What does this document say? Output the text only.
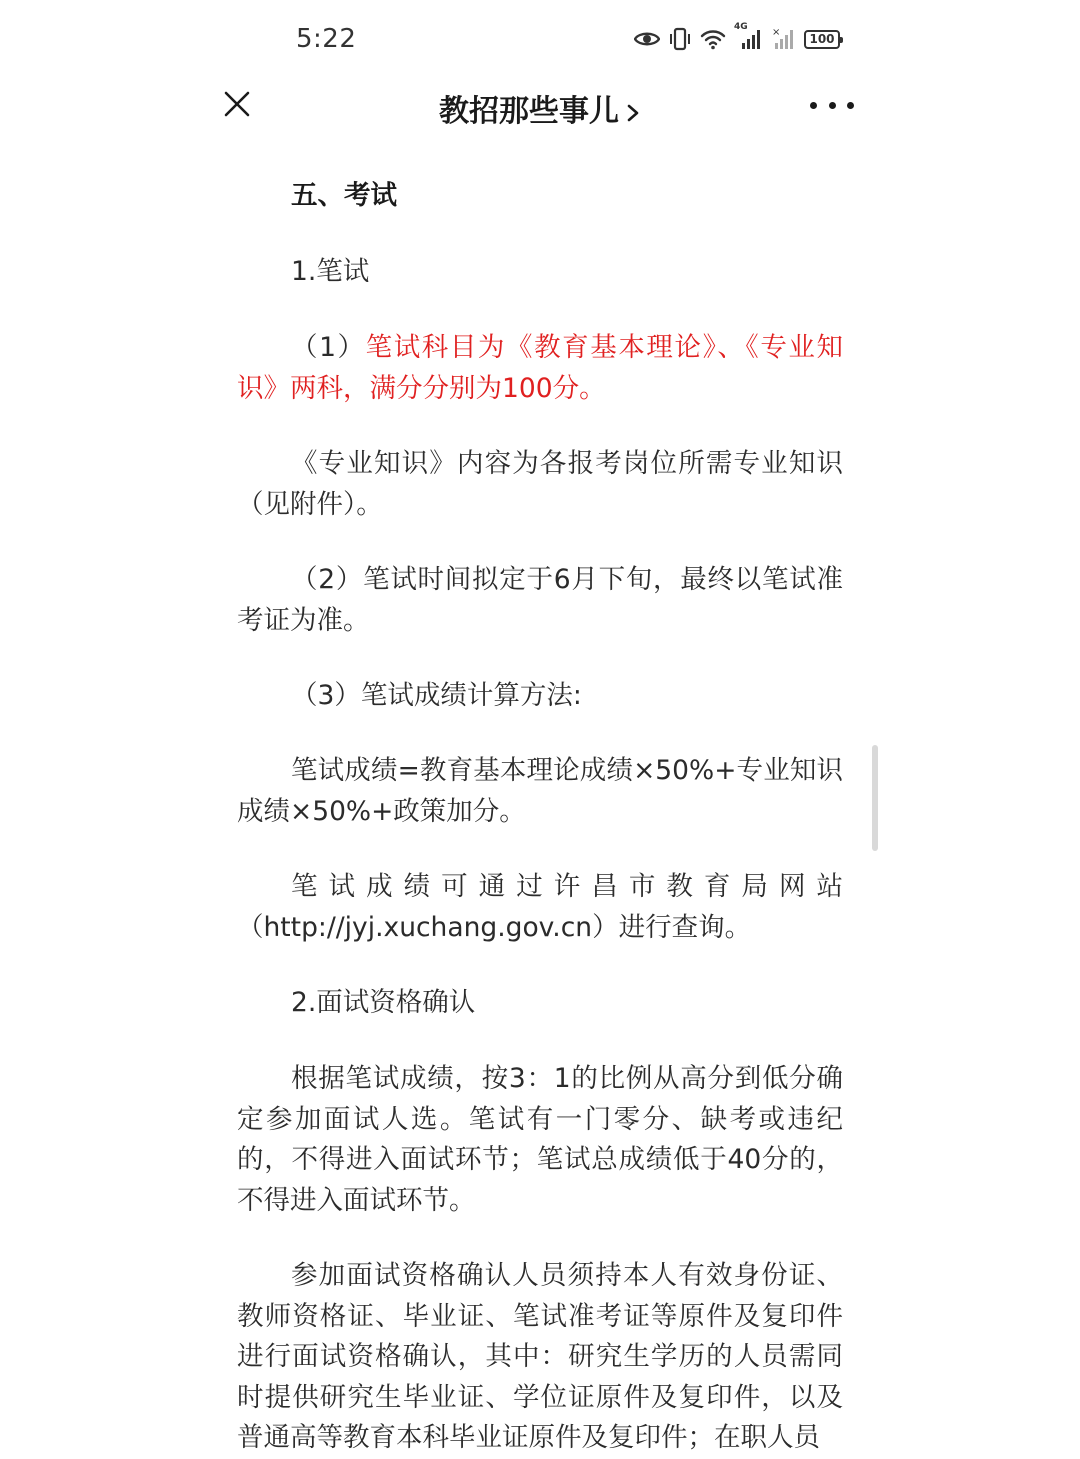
5:22	4G × 100
教招那些事儿

五、考试

1.笔试

（1）笔试科目为《教育基本理论》、《专业知识》两科，满分分别为100分。

《专业知识》内容为各报考岗位所需专业知识（见附件）。

（2）笔试时间拟定于6月下旬，最终以笔试准考证为准。

（3）笔试成绩计算方法:

笔试成绩=教育基本理论成绩×50%+专业知识成绩×50%+政策加分。

笔试成绩可通过许昌市教育局网站（http://jyj.xuchang.gov.cn）进行查询。

2.面试资格确认

根据笔试成绩，按3：1的比例从高分到低分确定参加面试人选。笔试有一门零分、缺考或违纪的，不得进入面试环节；笔试总成绩低于40分的，不得进入面试环节。

参加面试资格确认人员须持本人有效身份证、教师资格证、毕业证、笔试准考证等原件及复印件进行面试资格确认，其中：研究生学历的人员需同时提供研究生毕业证、学位证原件及复印件，以及普通高等教育本科毕业证原件及复印件；在职人员
